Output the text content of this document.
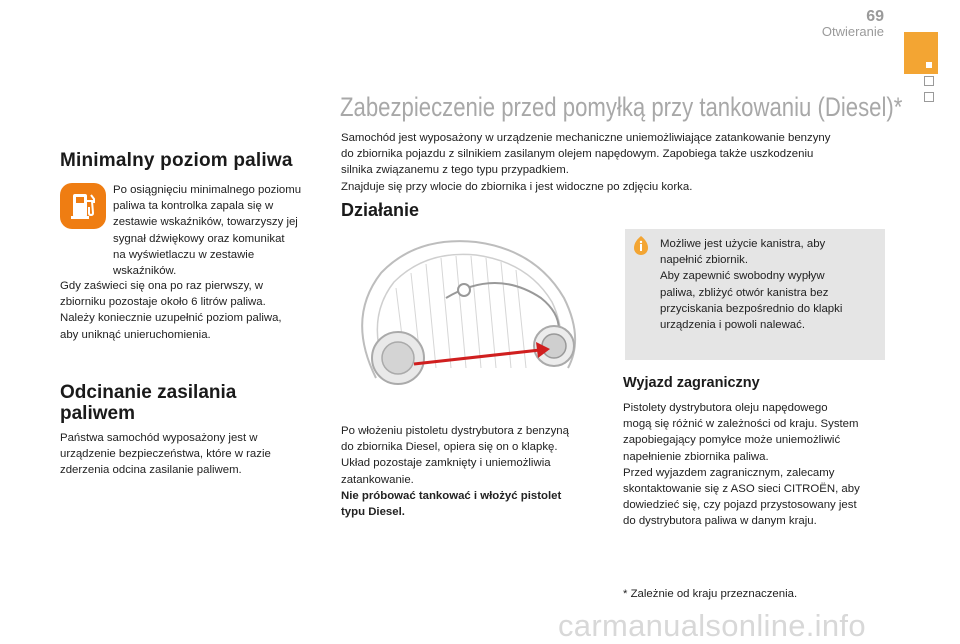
69
Otwieranie
Minimalny poziom paliwa
Po osiągnięciu minimalnego poziomu
paliwa ta kontrolka zapala się w
zestawie wskaźników, towarzyszy jej
sygnał dźwiękowy oraz komunikat
na wyświetlaczu w zestawie
wskaźników.
Gdy zaświeci się ona po raz pierwszy, w
zbiorniku pozostaje około 6 litrów paliwa.
Należy koniecznie uzupełnić poziom paliwa,
aby uniknąć unieruchomienia.
Odcinanie zasilania
paliwem
Państwa samochód wyposażony jest w
urządzenie bezpieczeństwa, które w razie
zderzenia odcina zasilanie paliwem.
Zabezpieczenie przed pomyłką przy tankowaniu (Diesel)*
Samochód jest wyposażony w urządzenie mechaniczne uniemożliwiające zatankowanie benzyny
do zbiornika pojazdu z silnikiem zasilanym olejem napędowym. Zapobiega także uszkodzeniu
silnika związanemu z tego typu przypadkiem.
Znajduje się przy wlocie do zbiornika i jest widoczne po zdjęciu korka.
Działanie
Po włożeniu pistoletu dystrybutora z benzyną
do zbiornika Diesel, opiera się on o klapkę.
Układ pozostaje zamknięty i uniemożliwia
zatankowanie.
Nie próbować tankować i włożyć pistolet
typu Diesel.
Możliwe jest użycie kanistra, aby
napełnić zbiornik.
Aby zapewnić swobodny wypływ
paliwa, zbliżyć otwór kanistra bez
przyciskania bezpośrednio do klapki
urządzenia i powoli nalewać.
Wyjazd zagraniczny
Pistolety dystrybutora oleju napędowego
mogą się różnić w zależności od kraju. System
zapobiegający pomyłce może uniemożliwić
napełnienie zbiornika paliwa.
Przed wyjazdem zagranicznym, zalecamy
skontaktowanie się z ASO sieci CITROËN, aby
dowiedzieć się, czy pojazd przystosowany jest
do dystrybutora paliwa w danym kraju.
* Zależnie od kraju przeznaczenia.
carmanualsonline.info
